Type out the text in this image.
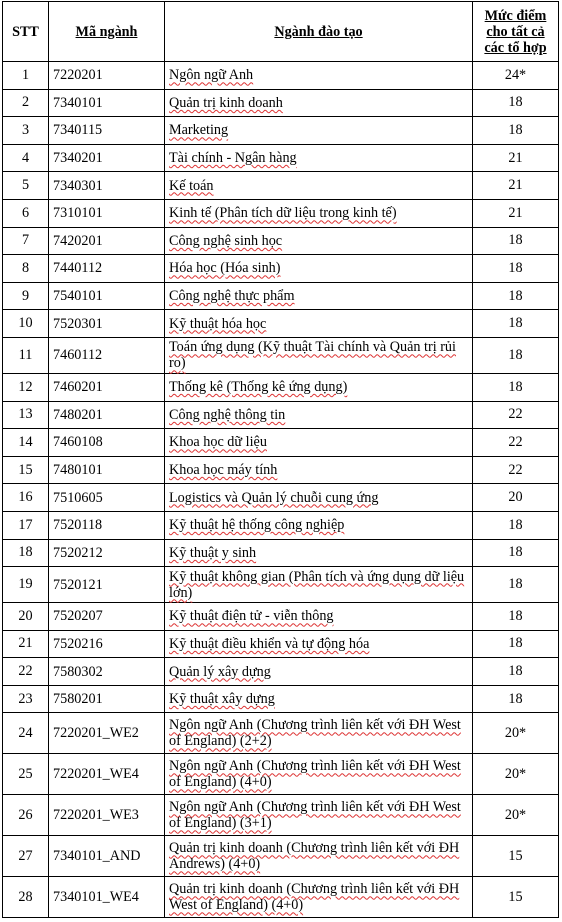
STT	Mã ngành	Ngành đào tạo	Mức điểm cho tất cả các tổ hợp
1	7220201	Ngôn ngữ Anh	24*
2	7340101	Quản trị kinh doanh	18
3	7340115	Marketing	18
4	7340201	Tài chính - Ngân hàng	21
5	7340301	Kế toán	21
6	7310101	Kinh tế (Phân tích dữ liệu trong kinh tế)	21
7	7420201	Công nghệ sinh học	18
8	7440112	Hóa học (Hóa sinh)	18
9	7540101	Công nghệ thực phẩm	18
10	7520301	Kỹ thuật hóa học	18
11	7460112	Toán ứng dụng (Kỹ thuật Tài chính và Quản trị rủi ro)	18
12	7460201	Thống kê (Thống kê ứng dụng)	18
13	7480201	Công nghệ thông tin	22
14	7460108	Khoa học dữ liệu	22
15	7480101	Khoa học máy tính	22
16	7510605	Logistics và Quản lý chuỗi cung ứng	20
17	7520118	Kỹ thuật hệ thống công nghiệp	18
18	7520212	Kỹ thuật y sinh	18
19	7520121	Kỹ thuật không gian (Phân tích và ứng dụng dữ liệu lớn)	18
20	7520207	Kỹ thuật điện tử - viễn thông	18
21	7520216	Kỹ thuật điều khiển và tự động hóa	18
22	7580302	Quản lý xây dựng	18
23	7580201	Kỹ thuật xây dựng	18
24	7220201_WE2	Ngôn ngữ Anh (Chương trình liên kết với ĐH West of England) (2+2)	20*
25	7220201_WE4	Ngôn ngữ Anh (Chương trình liên kết với ĐH West of England) (4+0)	20*
26	7220201_WE3	Ngôn ngữ Anh (Chương trình liên kết với ĐH West of England) (3+1)	20*
27	7340101_AND	Quản trị kinh doanh (Chương trình liên kết với ĐH Andrews) (4+0)	15
28	7340101_WE4	Quản trị kinh doanh (Chương trình liên kết với ĐH West of England) (4+0)	15
